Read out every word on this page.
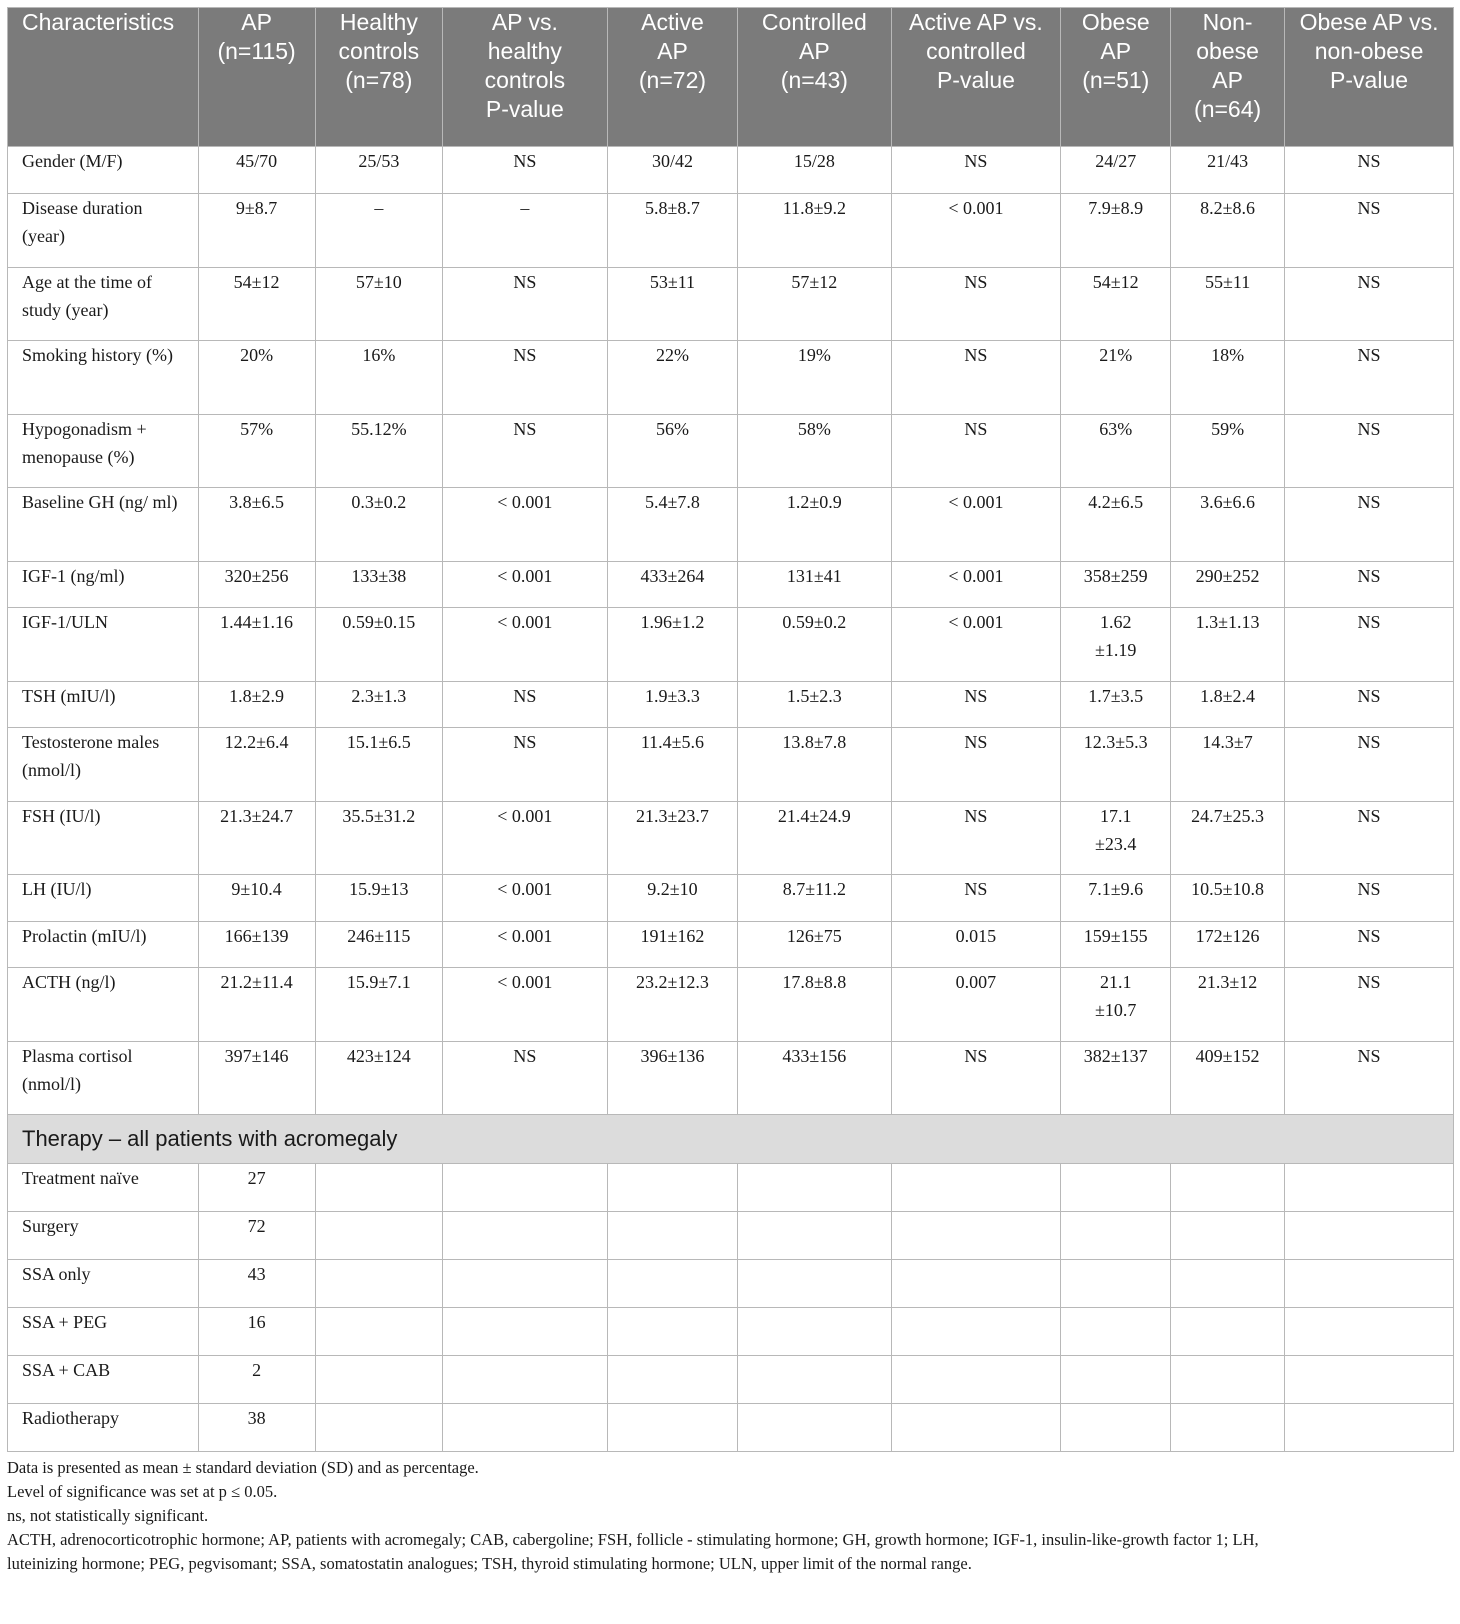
Characteristics	AP
(n=115)	Healthy
controls
(n=78)	AP vs.
healthy
controls
P-value	Active
AP
(n=72)	Controlled
AP
(n=43)	Active AP vs.
controlled
P-value	Obese
AP
(n=51)	Non-
obese
AP
(n=64)	Obese AP vs.
non-obese
P-value
Gender (M/F)	45/70	25/53	NS	30/42	15/28	NS	24/27	21/43	NS
Disease duration (year)	9±8.7	–	–	5.8±8.7	11.8±9.2	< 0.001	7.9±8.9	8.2±8.6	NS
Age at the time of study (year)	54±12	57±10	NS	53±11	57±12	NS	54±12	55±11	NS
Smoking history (%)	20%	16%	NS	22%	19%	NS	21%	18%	NS
Hypogonadism + menopause (%)	57%	55.12%	NS	56%	58%	NS	63%	59%	NS
Baseline GH (ng/ ml)	3.8±6.5	0.3±0.2	< 0.001	5.4±7.8	1.2±0.9	< 0.001	4.2±6.5	3.6±6.6	NS
IGF-1 (ng/ml)	320±256	133±38	< 0.001	433±264	131±41	< 0.001	358±259	290±252	NS
IGF-1/ULN	1.44±1.16	0.59±0.15	< 0.001	1.96±1.2	0.59±0.2	< 0.001	1.62
±1.19	1.3±1.13	NS
TSH (mIU/l)	1.8±2.9	2.3±1.3	NS	1.9±3.3	1.5±2.3	NS	1.7±3.5	1.8±2.4	NS
Testosterone males (nmol/l)	12.2±6.4	15.1±6.5	NS	11.4±5.6	13.8±7.8	NS	12.3±5.3	14.3±7	NS
FSH (IU/l)	21.3±24.7	35.5±31.2	< 0.001	21.3±23.7	21.4±24.9	NS	17.1
±23.4	24.7±25.3	NS
LH (IU/l)	9±10.4	15.9±13	< 0.001	9.2±10	8.7±11.2	NS	7.1±9.6	10.5±10.8	NS
Prolactin (mIU/l)	166±139	246±115	< 0.001	191±162	126±75	0.015	159±155	172±126	NS
ACTH (ng/l)	21.2±11.4	15.9±7.1	< 0.001	23.2±12.3	17.8±8.8	0.007	21.1
±10.7	21.3±12	NS
Plasma cortisol (nmol/l)	397±146	423±124	NS	396±136	433±156	NS	382±137	409±152	NS
Therapy – all patients with acromegaly									
Treatment naïve	27								
Surgery	72								
SSA only	43								
SSA + PEG	16								
SSA + CAB	2								
Radiotherapy	38								
Data is presented as mean ± standard deviation (SD) and as percentage.
Level of significance was set at p ≤ 0.05.
ns, not statistically significant.
ACTH, adrenocorticotrophic hormone; AP, patients with acromegaly; CAB, cabergoline; FSH, follicle - stimulating hormone; GH, growth hormone; IGF-1, insulin-like-growth factor 1; LH,
luteinizing hormone; PEG, pegvisomant; SSA, somatostatin analogues; TSH, thyroid stimulating hormone; ULN, upper limit of the normal range.
